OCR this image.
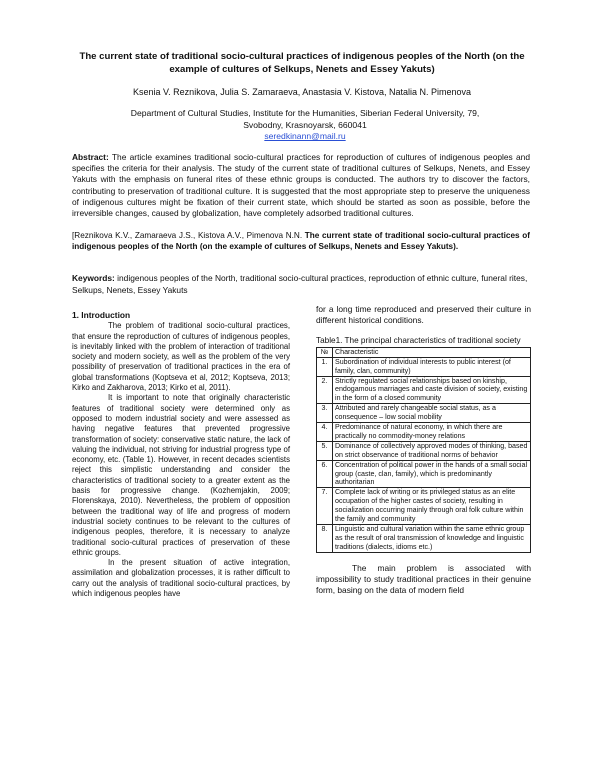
The current state of traditional socio-cultural practices of indigenous peoples of the North (on the example of cultures of Selkups, Nenets and Essey Yakuts)
Ksenia V. Reznikova, Julia S. Zamaraeva, Anastasia V. Kistova, Natalia N. Pimenova
Department of Cultural Studies, Institute for the Humanities, Siberian Federal University, 79, Svobodny, Krasnoyarsk, 660041
seredkinann@mail.ru
Abstract: The article examines traditional socio-cultural practices for reproduction of cultures of indigenous peoples and specifies the criteria for their analysis. The study of the current state of traditional cultures of Selkups, Nenets, and Essey Yakuts with the emphasis on funeral rites of these ethnic groups is conducted. The authors try to discover the factors, contributing to preservation of traditional culture. It is suggested that the most appropriate step to preserve the uniqueness of indigenous cultures might be fixation of their current state, which should be started as soon as possible, before the irreversible changes, caused by globalization, have completely adsorbed traditional cultures.
[Reznikova K.V., Zamaraeva J.S., Kistova A.V., Pimenova N.N. The current state of traditional socio-cultural practices of indigenous peoples of the North (on the example of cultures of Selkups, Nenets and Essey Yakuts).
Keywords: indigenous peoples of the North, traditional socio-cultural practices, reproduction of ethnic culture, funeral rites, Selkups, Nenets, Essey Yakuts
1. Introduction

The problem of traditional socio-cultural practices, that ensure the reproduction of cultures of indigenous peoples, is inevitably linked with the problem of interaction of traditional society and modern society, as well as the problem of the very possibility of preservation of traditional practices in the era of global transformations (Koptseva et al, 2012; Koptseva, 2013; Kirko and Zakharova, 2013; Kirko et al, 2011).

It is important to note that originally characteristic features of traditional society were determined only as opposed to modern industrial society and were assessed as having negative features that prevented progressive transformation of society: conservative static nature, the lack of valuing the individual, not striving for industrial progress type of economy, etc. (Table 1). However, in recent decades scientists reject this simplistic understanding and consider the characteristics of traditional society to a greater extent as the basis for progressive change. (Kozhemjakin, 2009; Florenskaya, 2010). Nevertheless, the problem of opposition between the traditional way of life and progress of modern industrial society continues to be relevant to the cultures of indigenous peoples, therefore, it is necessary to analyze traditional socio-cultural practices of preservation of these ethnic groups.

In the present situation of active integration, assimilation and globalization processes, it is rather difficult to carry out the analysis of traditional socio-cultural practices, by which indigenous peoples have

for a long time reproduced and preserved their culture in different historical conditions.

Table1. The principal characteristics of traditional society
№	Characteristic
1.	Subordination of individual interests to public interest (of family, clan, community)
2.	Strictly regulated social relationships based on kinship, endogamous marriages and caste division of society, existing in the form of a closed community
3.	Attributed and rarely changeable social status, as a consequence – low social mobility
4.	Predominance of natural economy, in which there are practically no commodity-money relations
5.	Dominance of collectively approved modes of thinking, based on strict observance of traditional norms of behavior
6.	Concentration of political power in the hands of a small social group (caste, clan, family), which is predominantly authoritarian
7.	Complete lack of writing or its privileged status as an elite occupation of the higher castes of society, resulting in socialization occurring mainly through oral folk culture within the family and community
8.	Linguistic and cultural variation within the same ethnic group as the result of oral transmission of knowledge and linguistic traditions (dialects, idioms etc.)

The main problem is associated with impossibility to study traditional practices in their genuine form, basing on the data of modern field
